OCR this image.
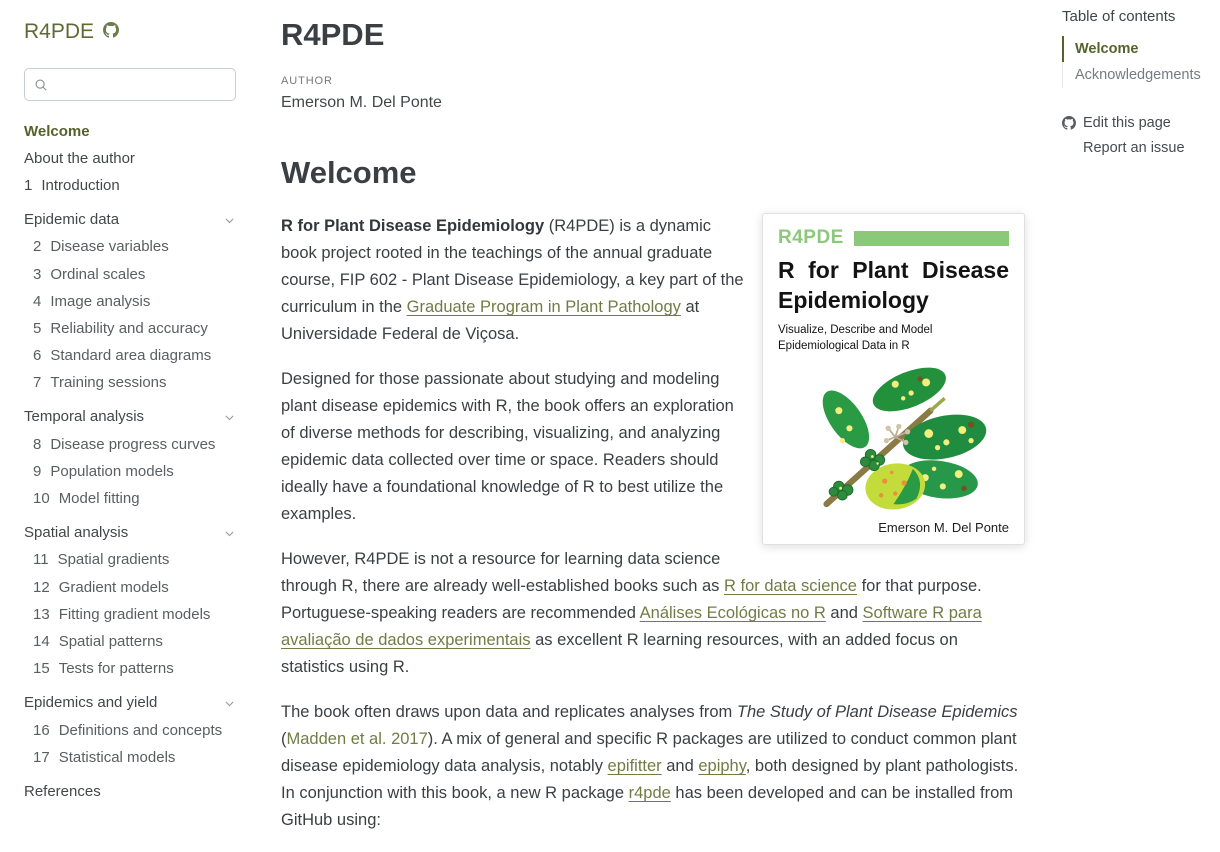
R4PDE
Welcome
About the author
1 Introduction
Epidemic data
2 Disease variables
3 Ordinal scales
4 Image analysis
5 Reliability and accuracy
6 Standard area diagrams
7 Training sessions
Temporal analysis
8 Disease progress curves
9 Population models
10 Model fitting
Spatial analysis
11 Spatial gradients
12 Gradient models
13 Fitting gradient models
14 Spatial patterns
15 Tests for patterns
Epidemics and yield
16 Definitions and concepts
17 Statistical models
References
R4PDE
AUTHOR
Emerson M. Del Ponte
Welcome
R4PDE
R for Plant Disease
Epidemiology
Visualize, Describe and Model
Epidemiological Data in R
Emerson M. Del Ponte

R for Plant Disease Epidemiology (R4PDE) is a dynamic book project rooted in the teachings of the annual graduate course, FIP 602 - Plant Disease Epidemiology, a key part of the curriculum in the Graduate Program in Plant Pathology at Universidade Federal de Viçosa.

Designed for those passionate about studying and modeling plant disease epidemics with R, the book offers an exploration of diverse methods for describing, visualizing, and analyzing epidemic data collected over time or space. Readers should ideally have a foundational knowledge of R to best utilize the examples.

However, R4PDE is not a resource for learning data science through R, there are already well-established books such as R for data science for that purpose. Portuguese-speaking readers are recommended Análises Ecológicas no R and Software R para avaliação de dados experimentais as excellent R learning resources, with an added focus on statistics using R.

The book often draws upon data and replicates analyses from The Study of Plant Disease Epidemics (Madden et al. 2017). A mix of general and specific R packages are utilized to conduct common plant disease epidemiology data analysis, notably epifitter and epiphy, both designed by plant pathologists. In conjunction with this book, a new R package r4pde has been developed and can be installed from GitHub using:

Table of contents
Welcome
Acknowledgements
Edit this page
Report an issue
